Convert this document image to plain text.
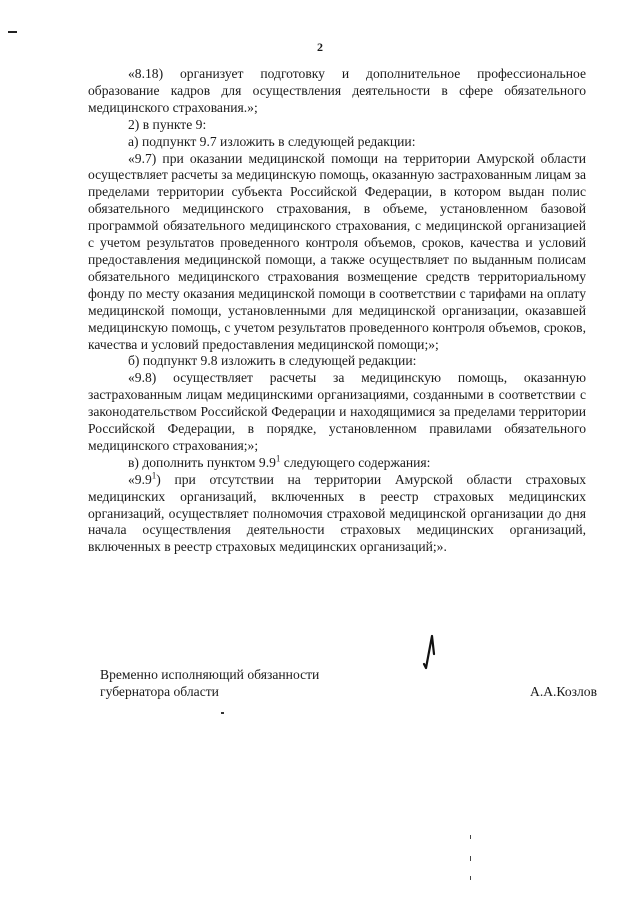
2

«8.18) организует подготовку и дополнительное профессиональное образование кадров для осуществления деятельности в сфере обязательного медицинского страхования.»;

2) в пункте 9:

а) подпункт 9.7 изложить в следующей редакции:

«9.7) при оказании медицинской помощи на территории Амурской области осуществляет расчеты за медицинскую помощь, оказанную застрахованным лицам за пределами территории субъекта Российской Федерации, в котором выдан полис обязательного медицинского страхования, в объеме, установленном базовой программой обязательного медицинского страхования, с медицинской организацией с учетом результатов проведенного контроля объемов, сроков, качества и условий предоставления медицинской помощи, а также осуществляет по выданным полисам обязательного медицинского страхования возмещение средств территориальному фонду по месту оказания медицинской помощи в соответствии с тарифами на оплату медицинской помощи, установленными для медицинской организации, оказавшей медицинскую помощь, с учетом результатов проведенного контроля объемов, сроков, качества и условий предоставления медицинской помощи;»;

б) подпункт 9.8 изложить в следующей редакции:

«9.8) осуществляет расчеты за медицинскую помощь, оказанную застрахованным лицам медицинскими организациями, созданными в соответствии с законодательством Российской Федерации и находящимися за пределами территории Российской Федерации, в порядке, установленном правилами обязательного медицинского страхования;»;

в) дополнить пунктом $9.9^1$ следующего содержания:

«$9.9^1$) при отсутствии на территории Амурской области страховых медицинских организаций, включенных в реестр страховых медицинских организаций, осуществляет полномочия страховой медицинской организации до дня начала осуществления деятельности страховых медицинских организаций, включенных в реестр страховых медицинских организаций;».

Временно исполняющий обязанности
губернатора области	А.А.Козлов
